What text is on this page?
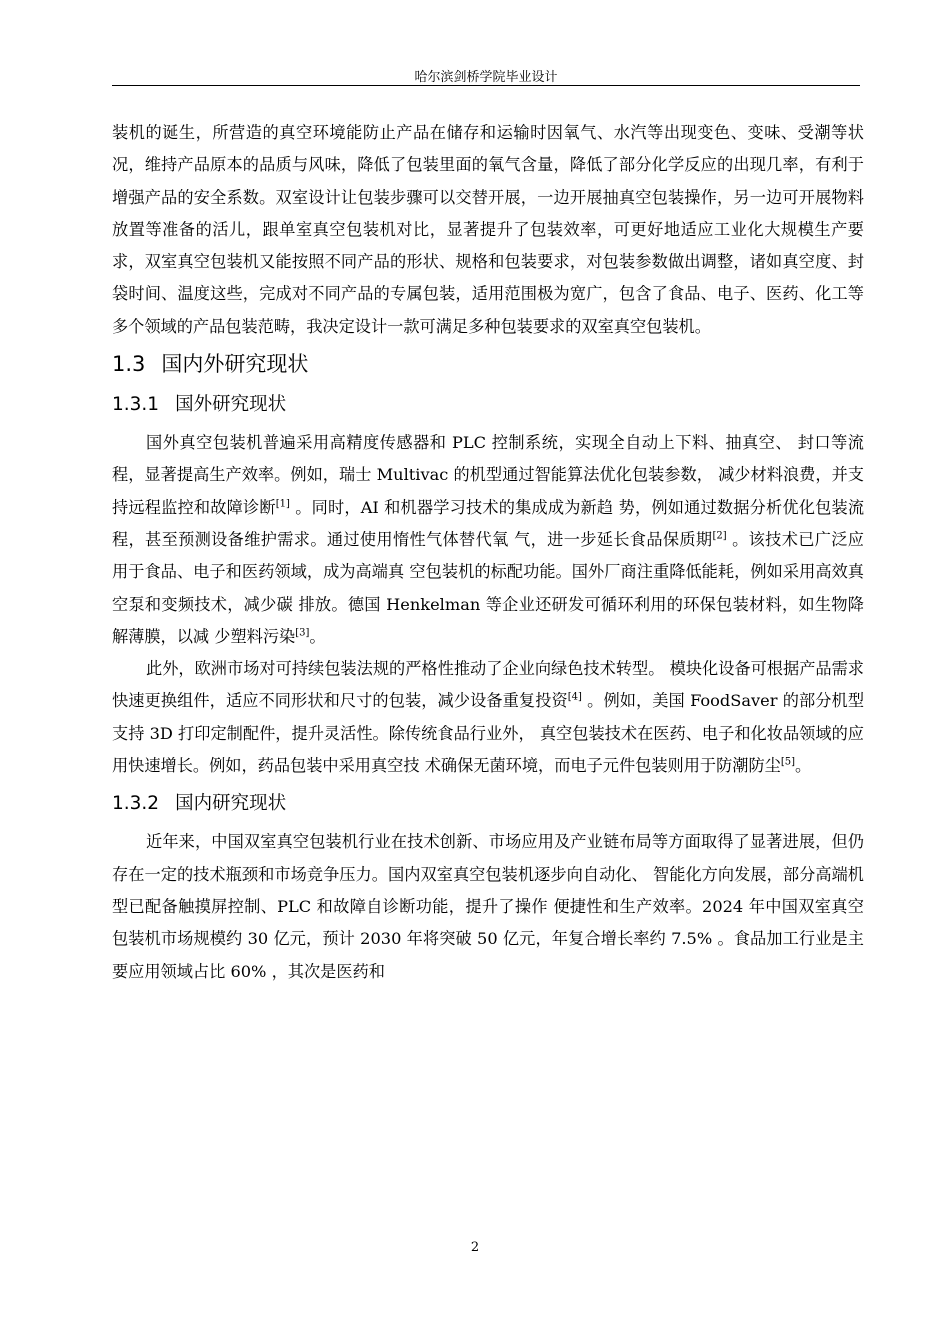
哈尔滨剑桥学院毕业设计

装机的诞生，所营造的真空环境能防止产品在储存和运输时因氧气、水汽等出现变色、变味、受潮等状况，维持产品原本的品质与风味，降低了包装里面的氧气含量，降低了部分化学反应的出现几率，有利于增强产品的安全系数。双室设计让包装步骤可以交替开展，一边开展抽真空包装操作，另一边可开展物料放置等准备的活儿，跟单室真空包装机对比，显著提升了包装效率，可更好地适应工业化大规模生产要求，双室真空包装机又能按照不同产品的形状、规格和包装要求，对包装参数做出调整，诸如真空度、封袋时间、温度这些，完成对不同产品的专属包装，适用范围极为宽广，包含了食品、电子、医药、化工等多个领域的产品包装范畴，我决定设计一款可满足多种包装要求的双室真空包装机。

1.3 国内外研究现状
1.3.1 国外研究现状

国外真空包装机普遍采用高精度传感器和 PLC 控制系统，实现全自动上下料、抽真空、 封口等流程，显著提高生产效率。例如，瑞士 Multivac 的机型通过智能算法优化包装参数， 减少材料浪费，并支持远程监控和故障诊断[1] 。同时，AI 和机器学习技术的集成成为新趋 势，例如通过数据分析优化包装流程，甚至预测设备维护需求。通过使用惰性气体替代氧 气，进一步延长食品保质期[2] 。该技术已广泛应用于食品、电子和医药领域，成为高端真 空包装机的标配功能。国外厂商注重降低能耗，例如采用高效真空泵和变频技术，减少碳 排放。德国 Henkelman 等企业还研发可循环利用的环保包装材料，如生物降解薄膜，以减 少塑料污染[3]。

此外，欧洲市场对可持续包装法规的严格性推动了企业向绿色技术转型。 模块化设备可根据产品需求快速更换组件，适应不同形状和尺寸的包装，减少设备重复投资[4] 。例如，美国 FoodSaver 的部分机型支持 3D 打印定制配件，提升灵活性。除传统食品行业外， 真空包装技术在医药、电子和化妆品领域的应用快速增长。例如，药品包装中采用真空技 术确保无菌环境，而电子元件包装则用于防潮防尘[5]。

1.3.2 国内研究现状

近年来，中国双室真空包装机行业在技术创新、市场应用及产业链布局等方面取得了显著进展，但仍存在一定的技术瓶颈和市场竞争压力。国内双室真空包装机逐步向自动化、 智能化方向发展，部分高端机型已配备触摸屏控制、PLC 和故障自诊断功能，提升了操作 便捷性和生产效率。2024 年中国双室真空包装机市场规模约 30 亿元，预计 2030 年将突破 50 亿元，年复合增长率约 7.5% 。食品加工行业是主要应用领域占比 60% ，其次是医药和

2
